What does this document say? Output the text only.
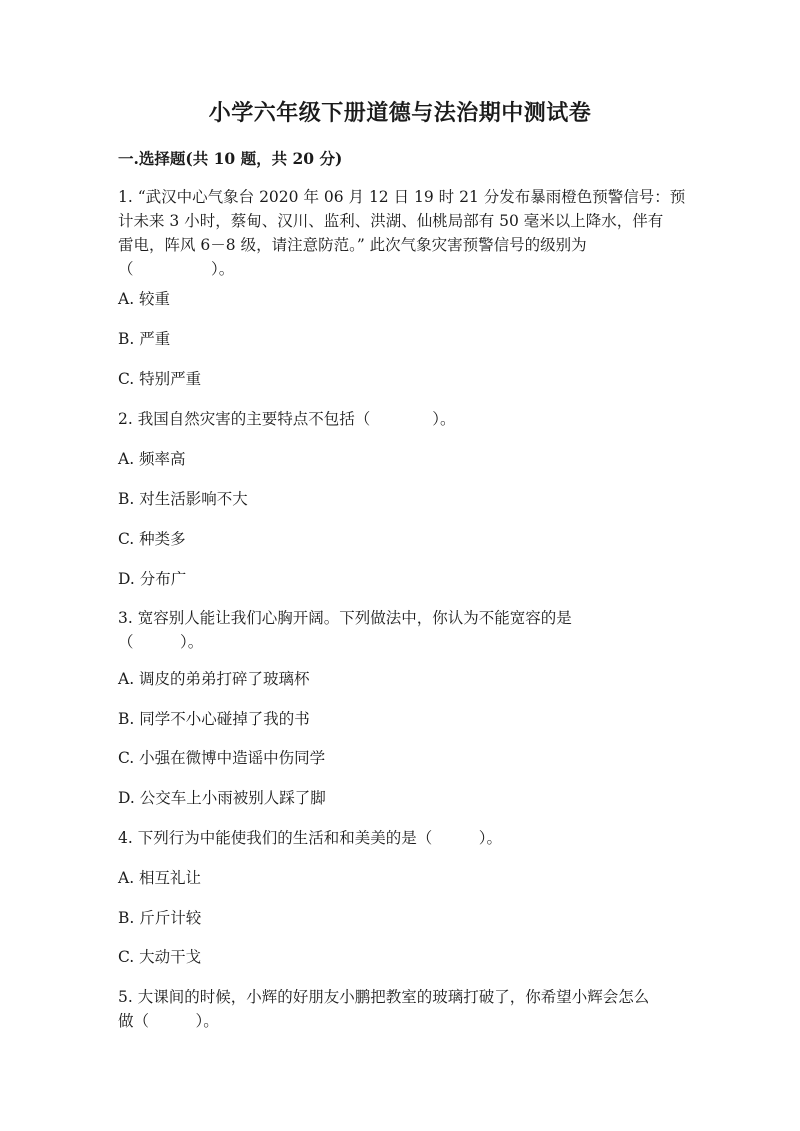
小学六年级下册道德与法治期中测试卷
一.选择题(共 10 题，共 20 分)
1. “武汉中心气象台 2020 年 06 月 12 日 19 时 21 分发布暴雨橙色预警信号：预
计未来 3 小时，蔡甸、汉川、监利、洪湖、仙桃局部有 50 毫米以上降水，伴有
雷电，阵风 6－8 级，请注意防范。” 此次气象灾害预警信号的级别为
（　　　　　）。
A. 较重
B. 严重
C. 特别严重
2. 我国自然灾害的主要特点不包括（　　　　）。
A. 频率高
B. 对生活影响不大
C. 种类多
D. 分布广
3. 宽容别人能让我们心胸开阔。下列做法中，你认为不能宽容的是
（　　　）。
A. 调皮的弟弟打碎了玻璃杯
B. 同学不小心碰掉了我的书
C. 小强在微博中造谣中伤同学
D. 公交车上小雨被别人踩了脚
4. 下列行为中能使我们的生活和和美美的是（　　　）。
A. 相互礼让
B. 斤斤计较
C. 大动干戈
5. 大课间的时候，小辉的好朋友小鹏把教室的玻璃打破了，你希望小辉会怎么
做（　　　）。
